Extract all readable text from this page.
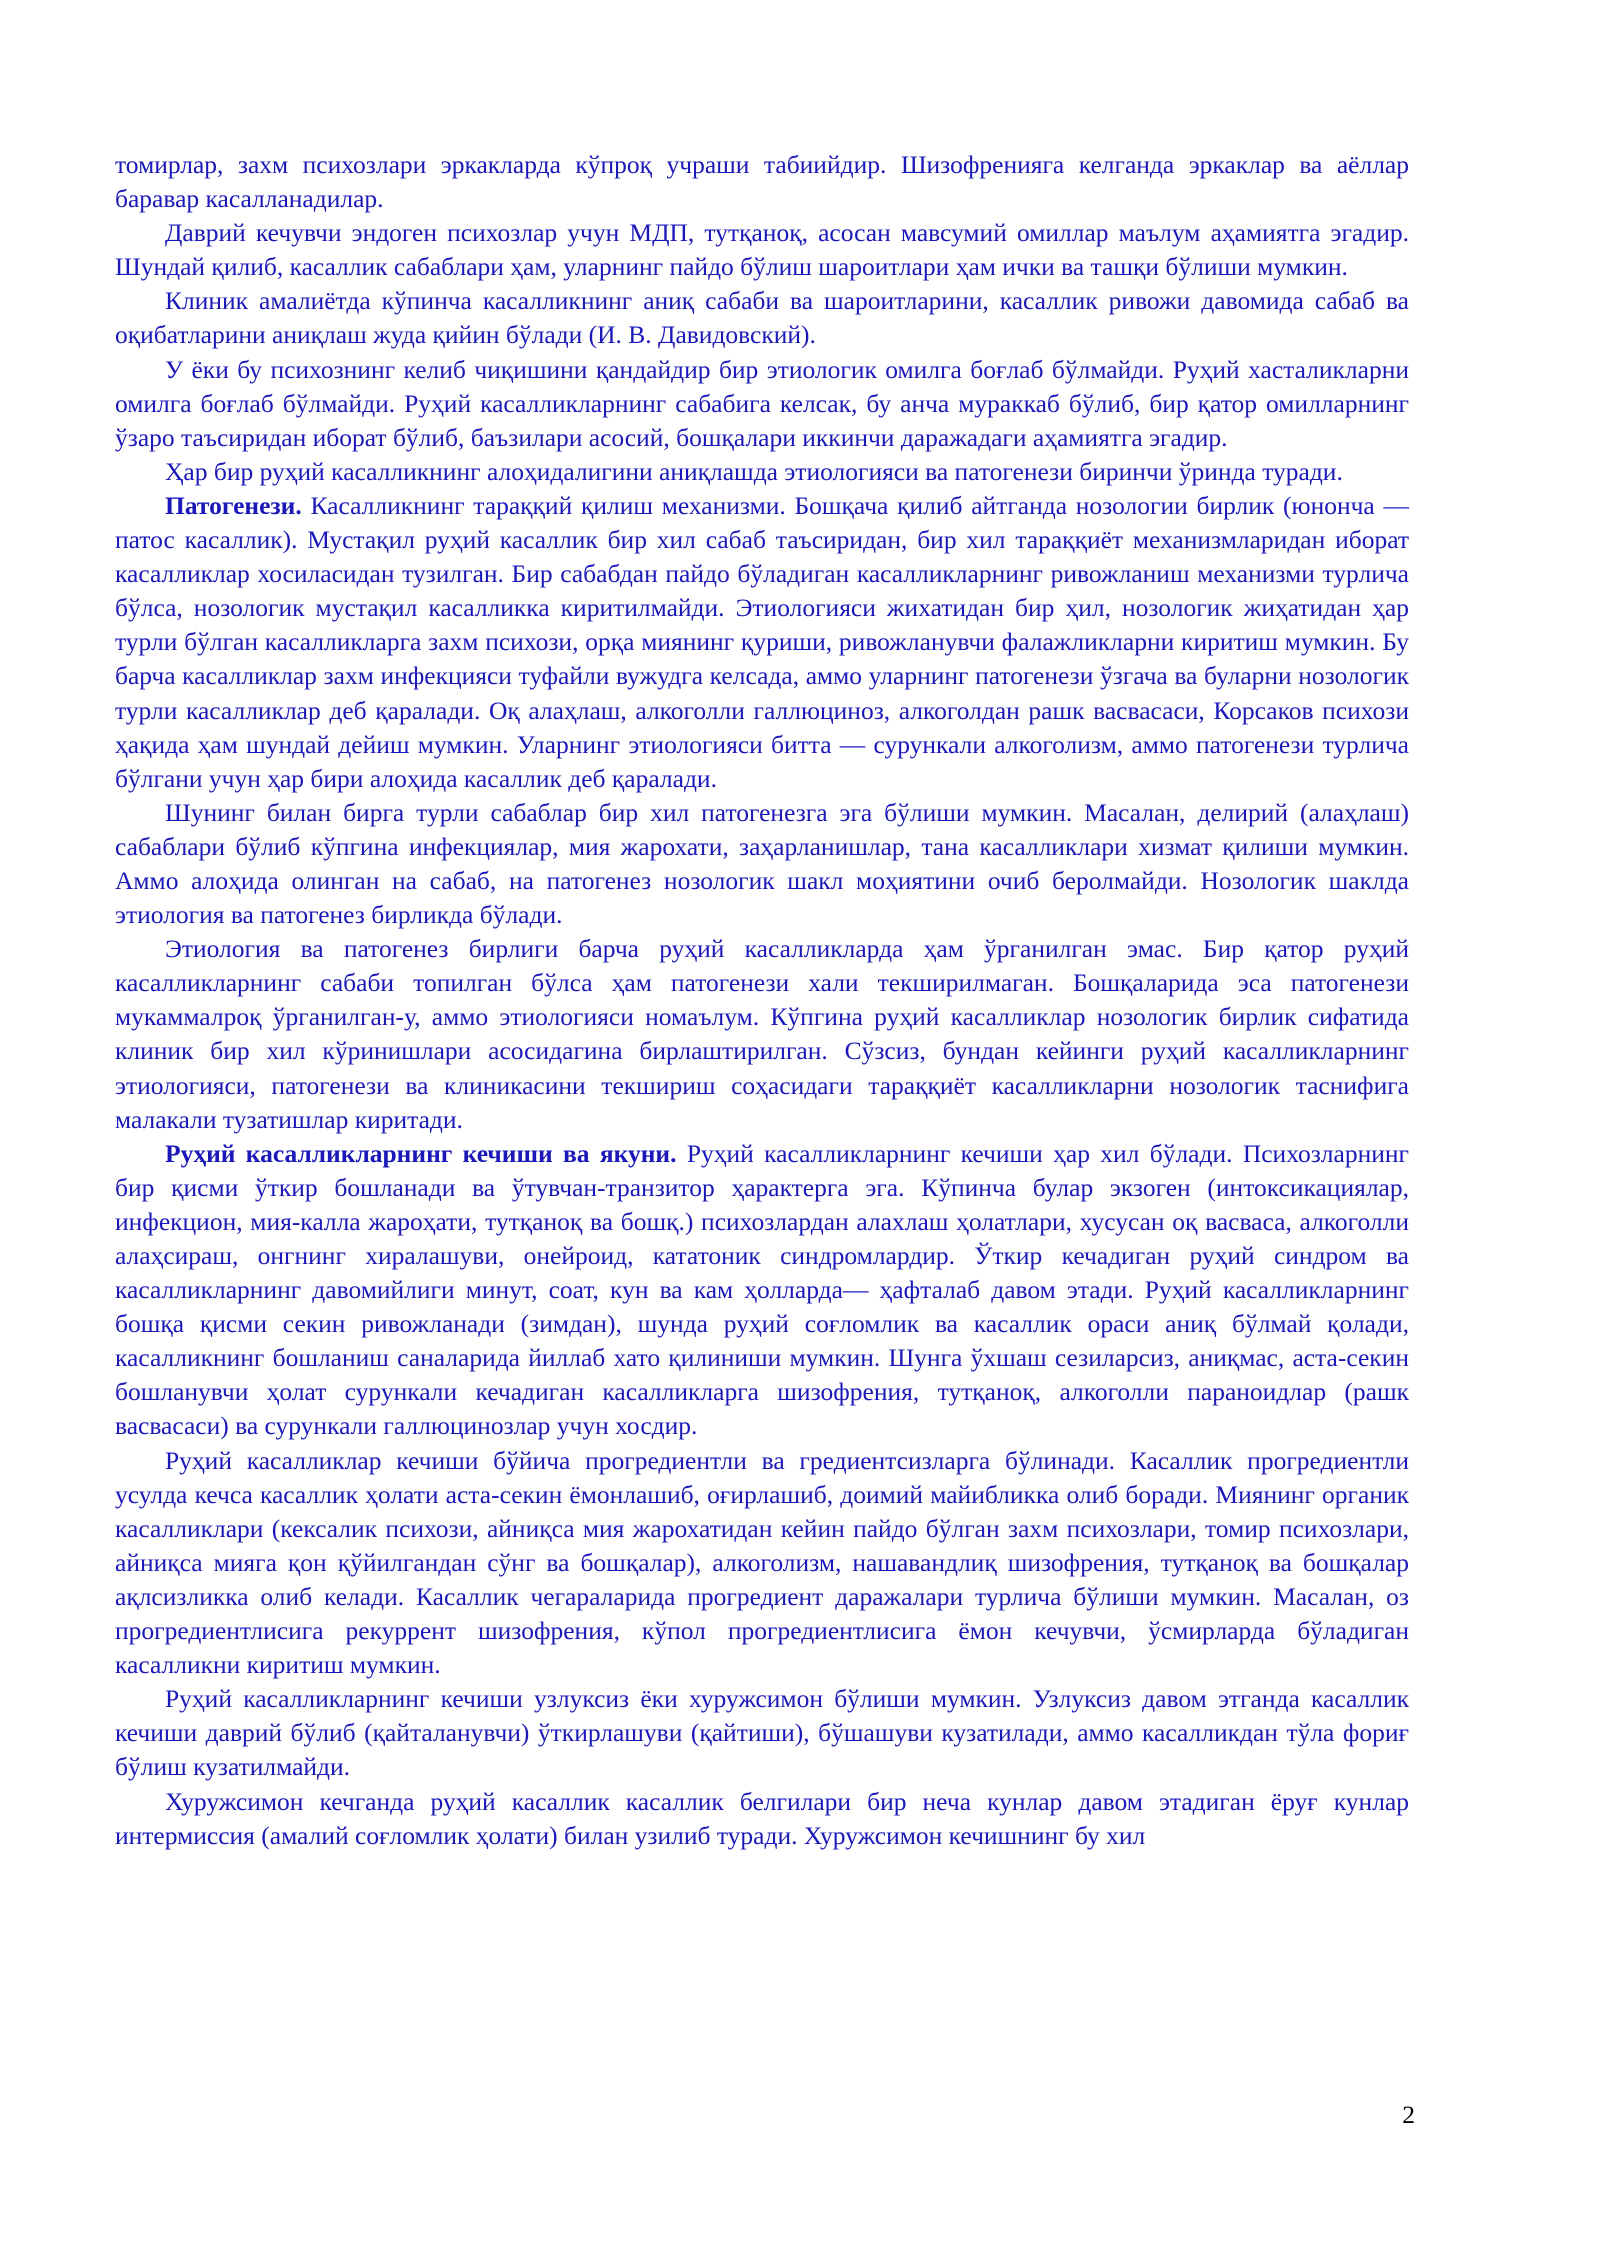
томирлар, захм психозлари эркакларда кўпроқ учраши табиийдир. Шизофренияга келганда эркаклар ва аёллар баравар касалланадилар.

Даврий кечувчи эндоген психозлар учун МДП, тутқаноқ, асосан мавсумий омиллар маълум аҳамиятга эгадир. Шундай қилиб, касаллик сабаблари ҳам, уларнинг пайдо бўлиш шароитлари ҳам ички ва ташқи бўлиши мумкин.

Клиник амалиётда кўпинча касалликнинг аниқ сабаби ва шароитларини, касаллик ривожи давомида сабаб ва оқибатларини аниқлаш жуда қийин бўлади (И. В. Давидовский).

У ёки бу психознинг келиб чиқишини қандайдир бир этиологик омилга боғлаб бўлмайди. Руҳий хасталикларни омилга боғлаб бўлмайди. Руҳий касалликларнинг сабабига келсак, бу анча мураккаб бўлиб, бир қатор омилларнинг ўзаро таъсиридан иборат бўлиб, баъзилари асосий, бошқалари иккинчи даражадаги аҳамиятга эгадир.

Ҳар бир руҳий касалликнинг алоҳидалигини аниқлашда этиологияси ва патогенези биринчи ўринда туради.

Патогенези. Касалликнинг тараққий қилиш механизми. Бошқача қилиб айтганда нозологии бирлик (юнонча — патос касаллик). Мустақил руҳий касаллик бир хил сабаб таъсиридан, бир хил тараққиёт механизмларидан иборат касалликлар хосиласидан тузилган. Бир сабабдан пайдо бўладиган касалликларнинг ривожланиш механизми турлича бўлса, нозологик мустақил касалликка киритилмайди. Этиологияси жихатидан бир ҳил, нозологик жиҳатидан ҳар турли бўлган касалликларга захм психози, орқа миянинг қуриши, ривожланувчи фалажликларни киритиш мумкин. Бу барча касалликлар захм инфекцияси туфайли вужудга келсада, аммо уларнинг патогенези ўзгача ва буларни нозологик турли касалликлар деб қаралади. Оқ алаҳлаш, алкоголли галлюциноз, алкоголдан рашк васвасаси, Корсаков психози ҳақида ҳам шундай дейиш мумкин. Уларнинг этиологияси битта — сурункали алкоголизм, аммо патогенези турлича бўлгани учун ҳар бири алоҳида касаллик деб қаралади.

Шунинг билан бирга турли сабаблар бир хил патогенезга эга бўлиши мумкин. Масалан, делирий (алаҳлаш) сабаблари бўлиб кўпгина инфекциялар, мия жарохати, заҳарланишлар, тана касалликлари хизмат қилиши мумкин. Аммо алоҳида олинган на сабаб, на патогенез нозологик шакл моҳиятини очиб беролмайди. Нозологик шаклда этиология ва патогенез бирликда бўлади.

Этиология ва патогенез бирлиги барча руҳий касалликларда ҳам ўрганилган эмас. Бир қатор руҳий касалликларнинг сабаби топилган бўлса ҳам патогенези хали текширилмаган. Бошқаларида эса патогенези мукаммалроқ ўрганилган-у, аммо этиологияси номаълум. Кўпгина руҳий касалликлар нозологик бирлик сифатида клиник бир хил кўринишлари асосидагина бирлаштирилган. Сўзсиз, бундан кейинги руҳий касалликларнинг этиологияси, патогенези ва клиникасини текшириш соҳасидаги тараққиёт касалликларни нозологик таснифига малакали тузатишлар киритади.

Руҳий касалликларнинг кечиши ва якуни. Руҳий касалликларнинг кечиши ҳар хил бўлади. Психозларнинг бир қисми ўткир бошланади ва ўтувчан-транзитор ҳарактерга эга. Кўпинча булар экзоген (интоксикациялар, инфекцион, мия-калла жароҳати, тутқаноқ ва бошқ.) психозлардан алахлаш ҳолатлари, хусусан оқ васваса, алкоголли алаҳсираш, онгнинг хиралашуви, онейроид, кататоник синдромлардир. Ўткир кечадиган руҳий синдром ва касалликларнинг давомийлиги минут, соат, кун ва кам ҳолларда— ҳафталаб давом этади. Руҳий касалликларнинг бошқа қисми секин ривожланади (зимдан), шунда руҳий соғломлик ва касаллик ораси аниқ бўлмай қолади, касалликнинг бошланиш саналарида йиллаб хато қилиниши мумкин. Шунга ўхшаш сезиларсиз, аниқмас, аста-секин бошланувчи ҳолат сурункали кечадиган касалликларга шизофрения, тутқаноқ, алкоголли параноидлар (рашк васвасаси) ва сурункали галлюцинозлар учун хосдир.

Руҳий касалликлар кечиши бўйича прогредиентли ва гредиентсизларга бўлинади. Касаллик прогредиентли усулда кечса касаллик ҳолати аста-секин ёмонлашиб, оғирлашиб, доимий майибликка олиб боради. Миянинг органик касалликлари (кексалик психози, айниқса мия жарохатидан кейин пайдо бўлган захм психозлари, томир психозлари, айниқса мияга қон қўйилгандан сўнг ва бошқалар), алкоголизм, нашавандлиқ шизофрения, тутқаноқ ва бошқалар ақлсизликка олиб келади. Касаллик чегараларида прогредиент даражалари турлича бўлиши мумкин. Масалан, оз прогредиентлисига рекуррент шизофрения, кўпол прогредиентлисига ёмон кечувчи, ўсмирларда бўладиган касалликни киритиш мумкин.

Руҳий касалликларнинг кечиши узлуксиз ёки хуружсимон бўлиши мумкин. Узлуксиз давом этганда касаллик кечиши даврий бўлиб (қайталанувчи) ўткирлашуви (қайтиши), бўшашуви кузатилади, аммо касалликдан тўла фориғ бўлиш кузатилмайди.

Хуружсимон кечганда руҳий касаллик касаллик белгилари бир неча кунлар давом этадиган ёруғ кунлар интермиссия (амалий соғломлик ҳолати) билан узилиб туради. Хуружсимон кечишнинг бу хил

2
